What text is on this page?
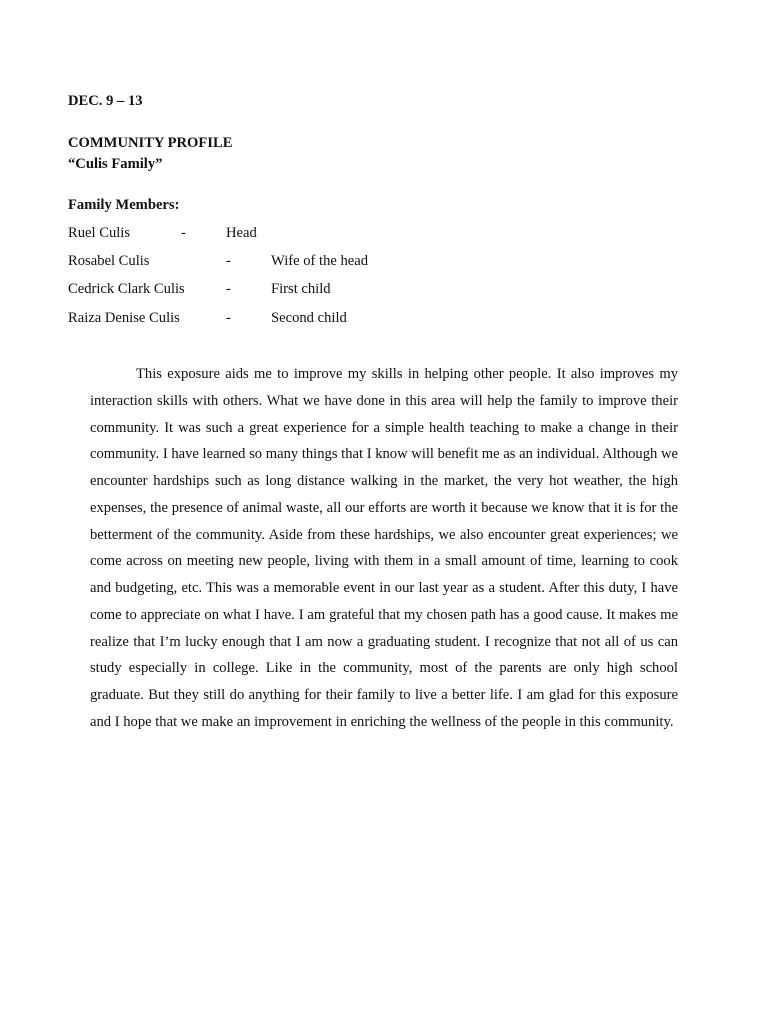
DEC. 9 – 13
COMMUNITY PROFILE
“Culis Family”
Family Members:
Ruel Culis	-	Head
Rosabel Culis	-	Wife of the head
Cedrick Clark Culis	-	First child
Raiza Denise Culis	-	Second child

This exposure aids me to improve my skills in helping other people. It also improves my interaction skills with others. What we have done in this area will help the family to improve their community. It was such a great experience for a simple health teaching to make a change in their community. I have learned so many things that I know will benefit me as an individual. Although we encounter hardships such as long distance walking in the market, the very hot weather, the high expenses, the presence of animal waste, all our efforts are worth it because we know that it is for the betterment of the community. Aside from these hardships, we also encounter great experiences; we come across on meeting new people, living with them in a small amount of time, learning to cook and budgeting, etc. This was a memorable event in our last year as a student. After this duty, I have come to appreciate on what I have. I am grateful that my chosen path has a good cause. It makes me realize that I’m lucky enough that I am now a graduating student. I recognize that not all of us can study especially in college. Like in the community, most of the parents are only high school graduate. But they still do anything for their family to live a better life. I am glad for this exposure and I hope that we make an improvement in enriching the wellness of the people in this community.
